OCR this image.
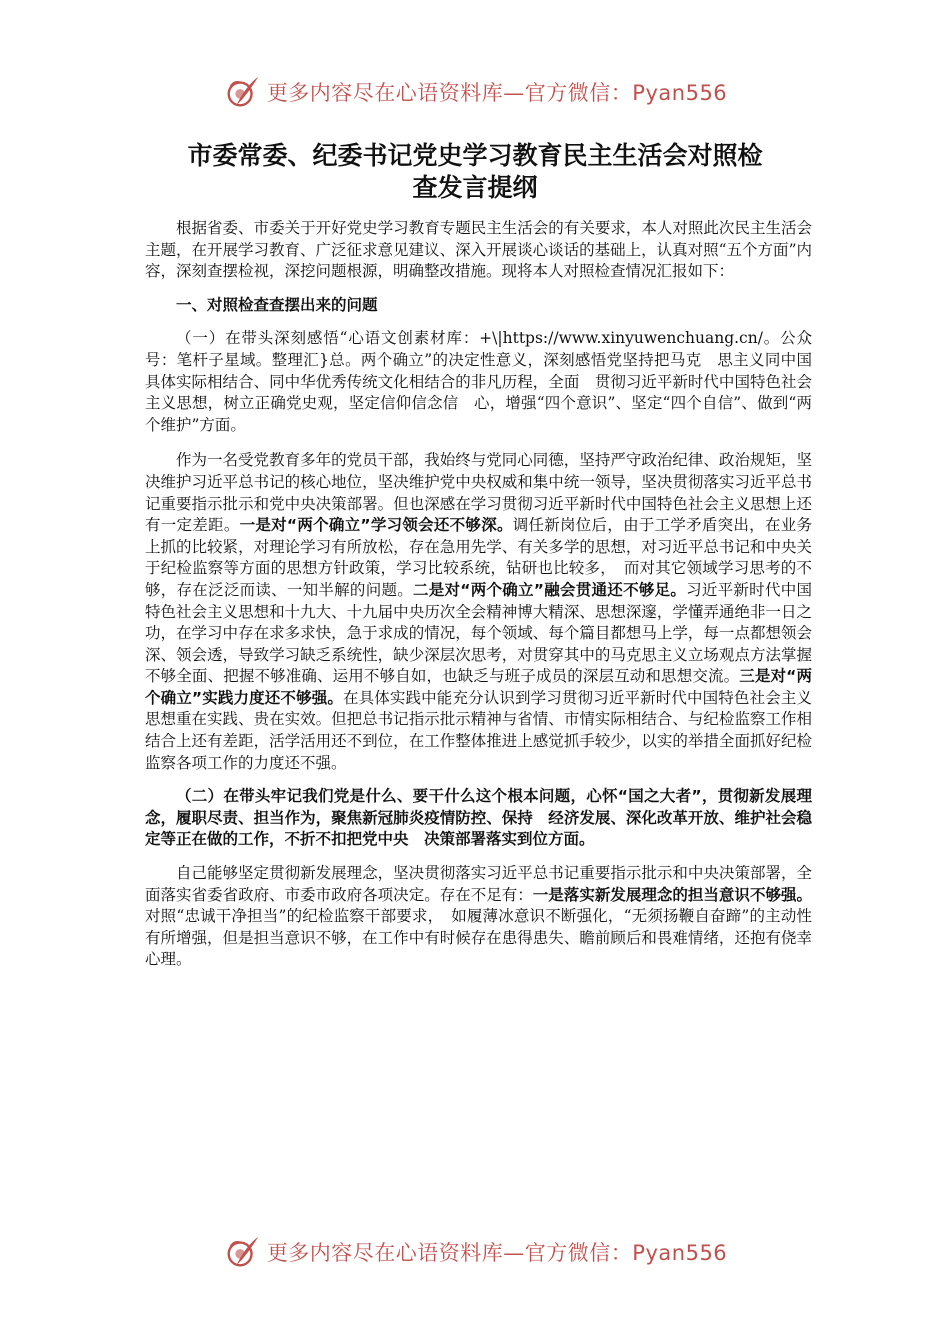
更多内容尽在心语资料库—官方微信：Pyan556
市委常委、纪委书记党史学习教育民主生活会对照检
查发言提纲

根据省委、市委关于开好党史学习教育专题民主生活会的有关要求，本人对照此次民主生活会主题，在开展学习教育、广泛征求意见建议、深入开展谈心谈话的基础上，认真对照“五个方面”内容，深刻查摆检视，深挖问题根源，明确整改措施。现将本人对照检查情况汇报如下：

一、对照检查查摆出来的问题

（一）在带头深刻感悟“心语文创素材库：+\|https://www.xinyuwenchuang.cn/。公众号：笔杆子星域。整理汇}总。两个确立”的决定性意义，深刻感悟党坚持把马克　思主义同中国具体实际相结合、同中华优秀传统文化相结合的非凡历程，全面　贯彻习近平新时代中国特色社会主义思想，树立正确党史观，坚定信仰信念信　心，增强“四个意识”、坚定“四个自信”、做到“两个维护”方面。

作为一名受党教育多年的党员干部，我始终与党同心同德，坚持严守政治纪律、政治规矩，坚决维护习近平总书记的核心地位，坚决维护党中央权威和集中统一领导，坚决贯彻落实习近平总书记重要指示批示和党中央决策部署。但也深感在学习贯彻习近平新时代中国特色社会主义思想上还有一定差距。一是对“两个确立”学习领会还不够深。调任新岗位后，由于工学矛盾突出，在业务上抓的比较紧，对理论学习有所放松，存在急用先学、有关多学的思想，对习近平总书记和中央关于纪检监察等方面的思想方针政策，学习比较系统，钻研也比较多，　而对其它领域学习思考的不够，存在泛泛而读、一知半解的问题。二是对“两个确立”融会贯通还不够足。习近平新时代中国特色社会主义思想和十九大、十九届中央历次全会精神博大精深、思想深邃，学懂弄通绝非一日之功，在学习中存在求多求快，急于求成的情况，每个领域、每个篇目都想马上学，每一点都想领会深、领会透，导致学习缺乏系统性，缺少深层次思考，对贯穿其中的马克思主义立场观点方法掌握不够全面、把握不够准确、运用不够自如，也缺乏与班子成员的深层互动和思想交流。三是对“两个确立”实践力度还不够强。在具体实践中能充分认识到学习贯彻习近平新时代中国特色社会主义思想重在实践、贵在实效。但把总书记指示批示精神与省情、市情实际相结合、与纪检监察工作相结合上还有差距，活学活用还不到位，在工作整体推进上感觉抓手较少，以实的举措全面抓好纪检监察各项工作的力度还不强。

（二）在带头牢记我们党是什么、要干什么这个根本问题，心怀“国之大者”，贯彻新发展理念，履职尽责、担当作为，聚焦新冠肺炎疫情防控、保持　经济发展、深化改革开放、维护社会稳定等正在做的工作，不折不扣把党中央　决策部署落实到位方面。

自己能够坚定贯彻新发展理念，坚决贯彻落实习近平总书记重要指示批示和中央决策部署，全面落实省委省政府、市委市政府各项决定。存在不足有：一是落实新发展理念的担当意识不够强。对照“忠诚干净担当”的纪检监察干部要求，　如履薄冰意识不断强化，“无须扬鞭自奋蹄”的主动性有所增强，但是担当意识不够，在工作中有时候存在患得患失、瞻前顾后和畏难情绪，还抱有侥幸心理。

更多内容尽在心语资料库—官方微信：Pyan556
